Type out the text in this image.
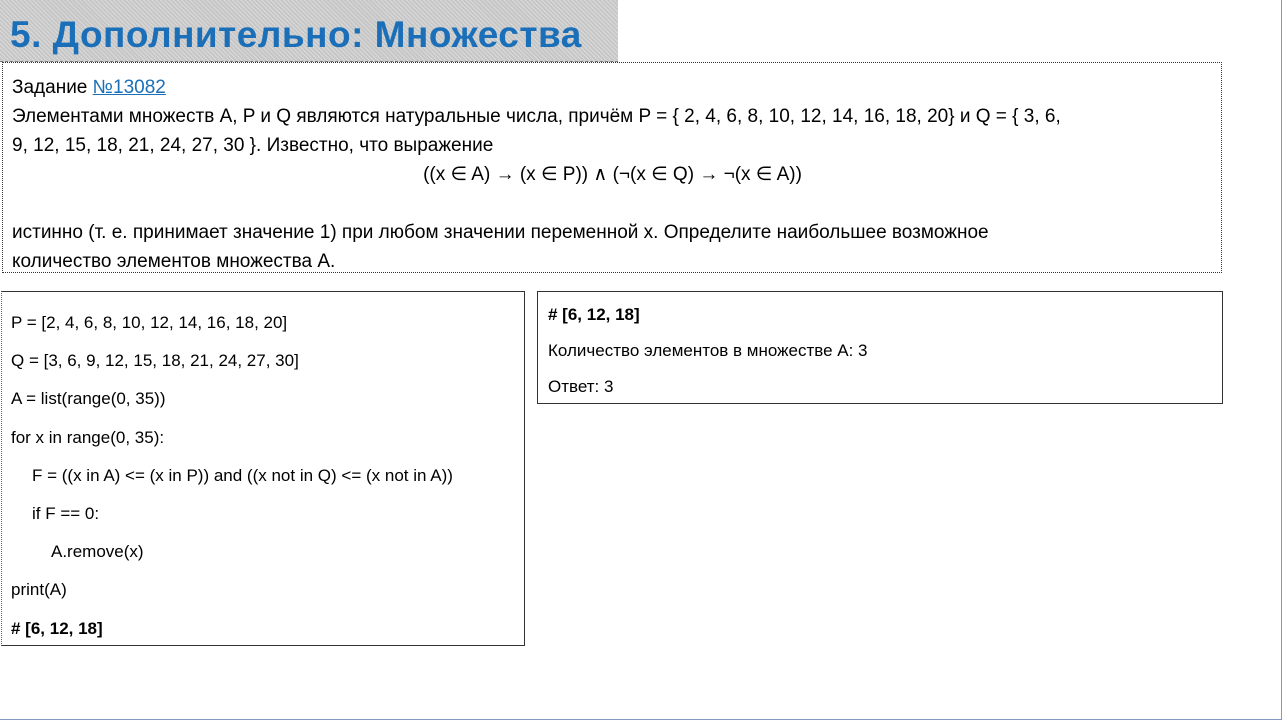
5. Дополнительно: Множества
Задание №13082
Элементами множеств A, P и Q являются натуральные числа, причём P = { 2, 4, 6, 8, 10, 12, 14, 16, 18, 20} и Q = { 3, 6,
9, 12, 15, 18, 21, 24, 27, 30 }. Известно, что выражение
((x ∈ A) → (x ∈ P)) ∧ (¬(x ∈ Q) → ¬(x ∈ A))
истинно (т. е. принимает значение 1) при любом значении переменной x. Определите наибольшее возможное
количество элементов множества A.
P = [2, 4, 6, 8, 10, 12, 14, 16, 18, 20]
Q = [3, 6, 9, 12, 15, 18, 21, 24, 27, 30]
A = list(range(0, 35))
for x in range(0, 35):
F = ((x in A) <= (x in P)) and ((x not in Q) <= (x not in A))
if F == 0:
A.remove(x)
print(A)
# [6, 12, 18]
# [6, 12, 18]
Количество элементов в множестве A: 3
Ответ: 3
